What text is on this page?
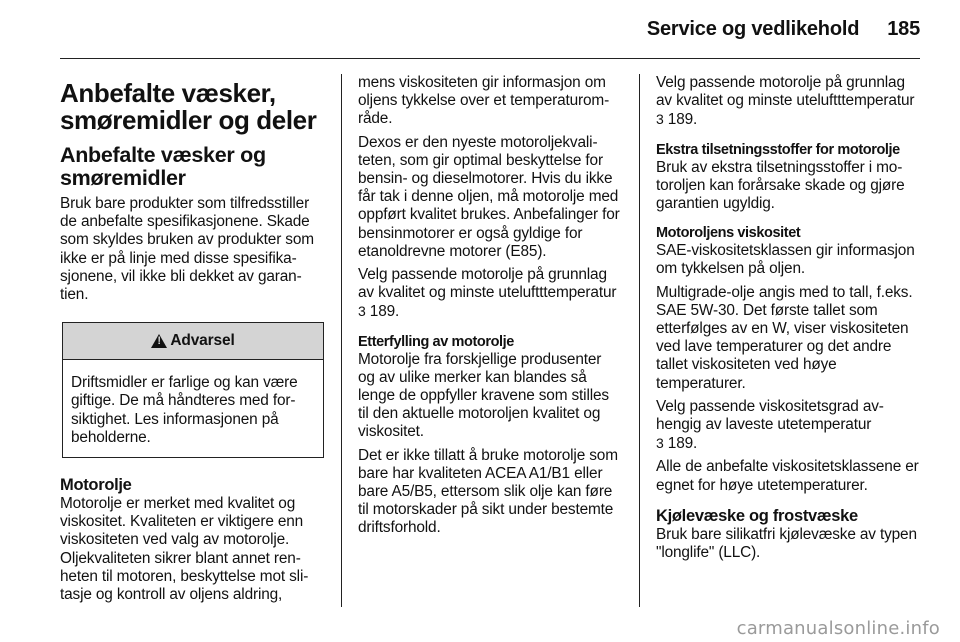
Service og vedlikehold 185
Anbefalte væsker, smøremidler og deler
Anbefalte væsker og smøremidler

Bruk bare produkter som tilfredsstiller de anbefalte spesifikasjonene. Skade som skyldes bruken av produkter som ikke er på linje med disse spesifikasjonene, vil ikke bli dekket av garantien.

!
Advarsel
Driftsmidler er farlige og kan være giftige. De må håndteres med forsiktighet. Les informasjonen på beholderne.
Motorolje

Motorolje er merket med kvalitet og viskositet. Kvaliteten er viktigere enn viskositeten ved valg av motorolje. Oljekvaliteten sikrer blant annet renheten til motoren, beskyttelse mot slitasje og kontroll av oljens aldring,

mens viskositeten gir informasjon om oljens tykkelse over et temperaturområde.

Dexos er den nyeste motoroljekvaliteten, som gir optimal beskyttelse for bensin- og dieselmotorer. Hvis du ikke får tak i denne oljen, må motorolje med oppført kvalitet brukes. Anbefalinger for bensinmotorer er også gyldige for etanoldrevne motorer (E85).

Velg passende motorolje på grunnlag av kvalitet og minste uteluftttemperatur 3 189.

Etterfylling av motorolje

Motorolje fra forskjellige produsenter og av ulike merker kan blandes så lenge de oppfyller kravene som stilles til den aktuelle motoroljen kvalitet og viskositet.

Det er ikke tillatt å bruke motorolje som bare har kvaliteten ACEA A1/B1 eller bare A5/B5, ettersom slik olje kan føre til motorskader på sikt under bestemte driftsforhold.

Velg passende motorolje på grunnlag av kvalitet og minste uteluftttemperatur 3 189.

Ekstra tilsetningsstoffer for motorolje

Bruk av ekstra tilsetningsstoffer i motoroljen kan forårsake skade og gjøre garantien ugyldig.

Motoroljens viskositet

SAE-viskositetsklassen gir informasjon om tykkelsen på oljen.

Multigrade-olje angis med to tall, f.eks. SAE 5W-30. Det første tallet som etterfølges av en W, viser viskositeten ved lave temperaturer og det andre tallet viskositeten ved høye temperaturer.

Velg passende viskositetsgrad avhengig av laveste utetemperatur
3 189.

Alle de anbefalte viskositetsklassene er egnet for høye utetemperaturer.

Kjølevæske og frostvæske

Bruk bare silikatfri kjølevæske av typen "longlife" (LLC).

carmanualsonline.info
